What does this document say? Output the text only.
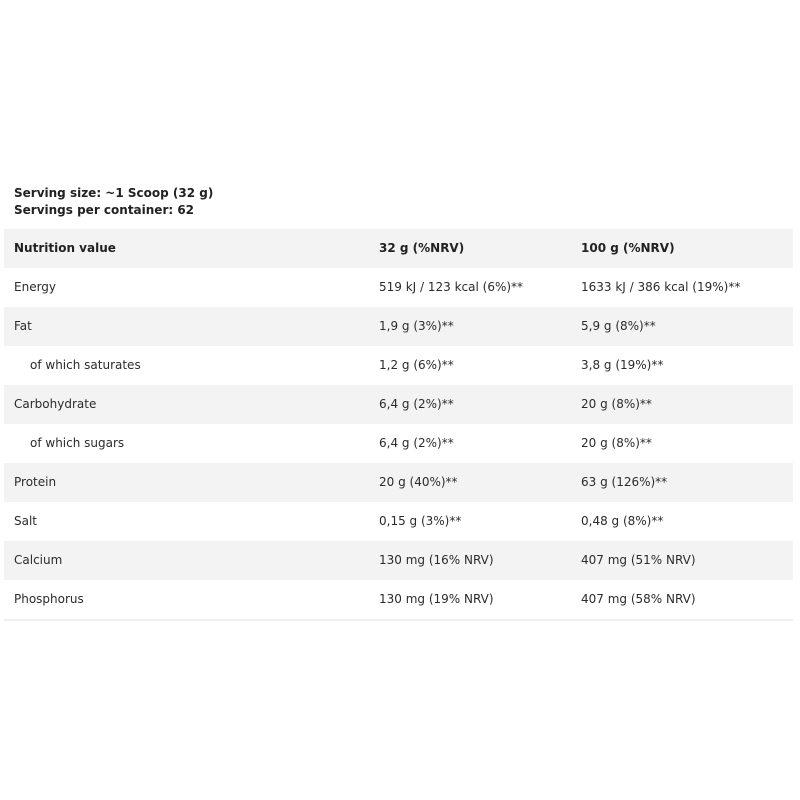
Serving size: ~1 Scoop (32 g)
Servings per container: 62
Nutrition value	32 g (%NRV)	100 g (%NRV)
Energy	519 kJ / 123 kcal (6%)**	1633 kJ / 386 kcal (19%)**
Fat	1,9 g (3%)**	5,9 g (8%)**
of which saturates	1,2 g (6%)**	3,8 g (19%)**
Carbohydrate	6,4 g (2%)**	20 g (8%)**
of which sugars	6,4 g (2%)**	20 g (8%)**
Protein	20 g (40%)**	63 g (126%)**
Salt	0,15 g (3%)**	0,48 g (8%)**
Calcium	130 mg (16% NRV)	407 mg (51% NRV)
Phosphorus	130 mg (19% NRV)	407 mg (58% NRV)
